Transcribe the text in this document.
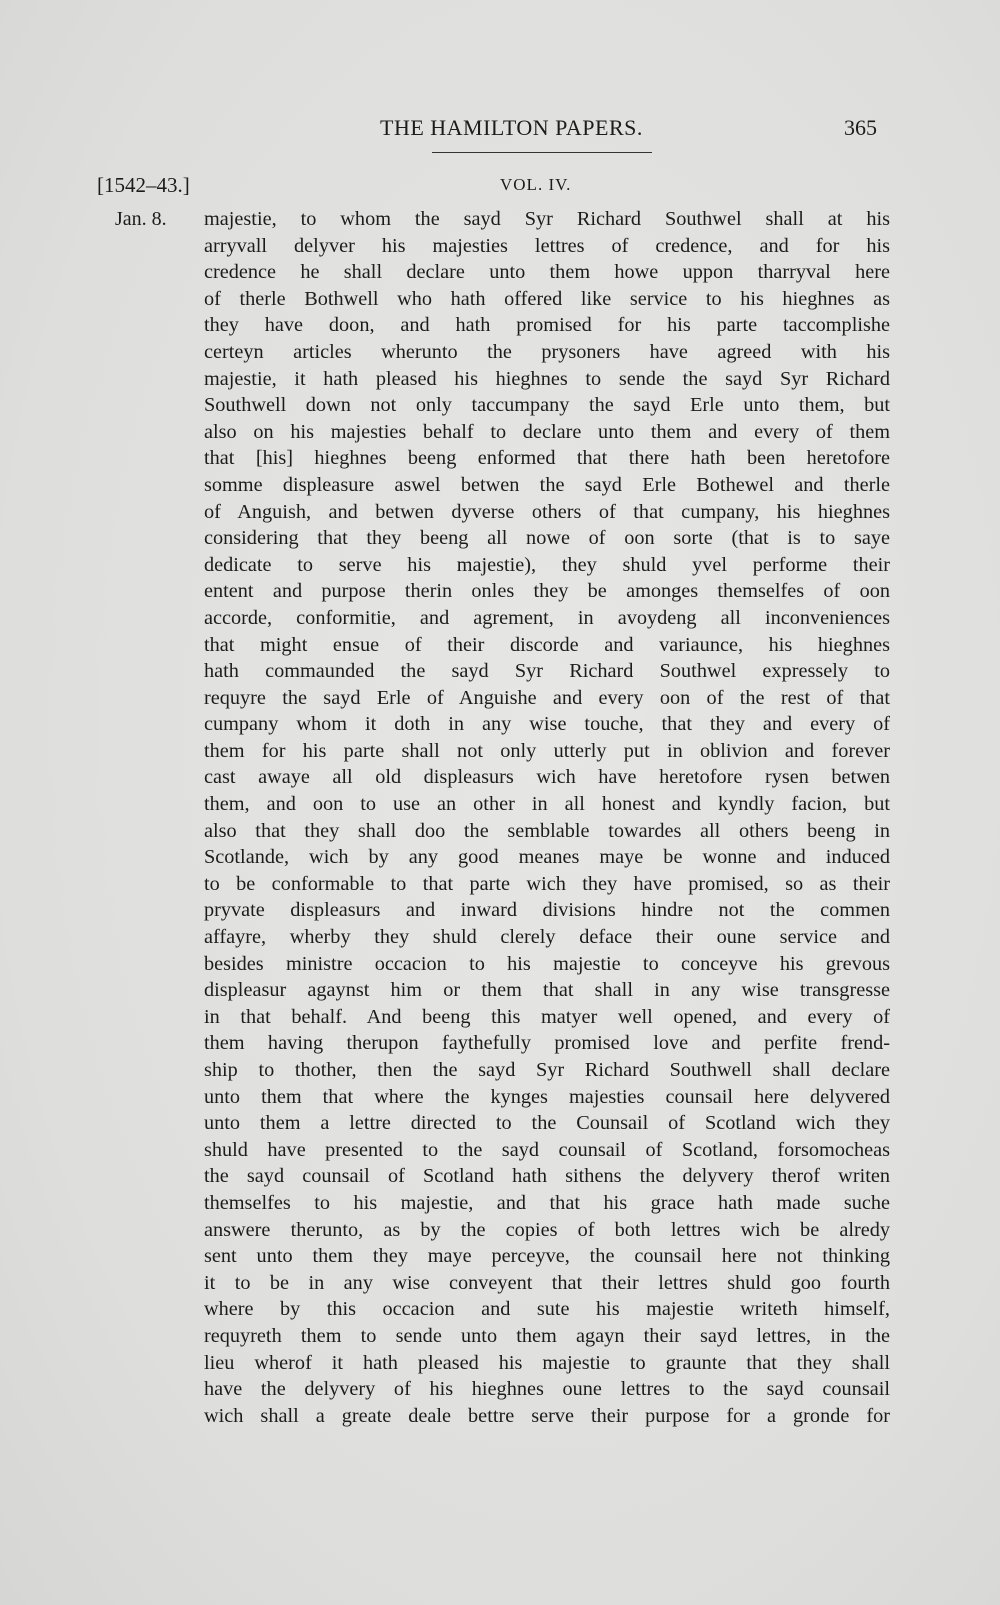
THE HAMILTON PAPERS.	365
[1542–43.]	VOL. IV.
Jan. 8. majestie, to whom the sayd Syr Richard Southwel shall at his
arryvall delyver his majesties lettres of credence, and for his
credence he shall declare unto them howe uppon tharryval here
of therle Bothwell who hath offered like service to his hieghnes as
they have doon, and hath promised for his parte taccomplishe
certeyn articles wherunto the prysoners have agreed with his
majestie, it hath pleased his hieghnes to sende the sayd Syr Richard
Southwell down not only taccumpany the sayd Erle unto them, but
also on his majesties behalf to declare unto them and every of them
that [his] hieghnes beeng enformed that there hath been heretofore
somme displeasure aswel betwen the sayd Erle Bothewel and therle
of Anguish, and betwen dyverse others of that cumpany, his hieghnes
considering that they beeng all nowe of oon sorte (that is to saye
dedicate to serve his majestie), they shuld yvel performe their
entent and purpose therin onles they be amonges themselfes of oon
accorde, conformitie, and agrement, in avoydeng all inconveniences
that might ensue of their discorde and variaunce, his hieghnes
hath commaunded the sayd Syr Richard Southwel expressely to
requyre the sayd Erle of Anguishe and every oon of the rest of that
cumpany whom it doth in any wise touche, that they and every of
them for his parte shall not only utterly put in oblivion and forever
cast awaye all old displeasurs wich have heretofore rysen betwen
them, and oon to use an other in all honest and kyndly facion, but
also that they shall doo the semblable towardes all others beeng in
Scotlande, wich by any good meanes maye be wonne and induced
to be conformable to that parte wich they have promised, so as their
pryvate displeasurs and inward divisions hindre not the commen
affayre, wherby they shuld clerely deface their oune service and
besides ministre occacion to his majestie to conceyve his grevous
displeasur agaynst him or them that shall in any wise transgresse
in that behalf. And beeng this matyer well opened, and every of
them having therupon faythefully promised love and perfite frend-
ship to thother, then the sayd Syr Richard Southwell shall declare
unto them that where the kynges majesties counsail here delyvered
unto them a lettre directed to the Counsail of Scotland wich they
shuld have presented to the sayd counsail of Scotland, forsomocheas
the sayd counsail of Scotland hath sithens the delyvery therof writen
themselfes to his majestie, and that his grace hath made suche
answere therunto, as by the copies of both lettres wich be alredy
sent unto them they maye perceyve, the counsail here not thinking
it to be in any wise conveyent that their lettres shuld goo fourth
where by this occacion and sute his majestie writeth himself,
requyreth them to sende unto them agayn their sayd lettres, in the
lieu wherof it hath pleased his majestie to graunte that they shall
have the delyvery of his hieghnes oune lettres to the sayd counsail
wich shall a greate deale bettre serve their purpose for a gronde for
